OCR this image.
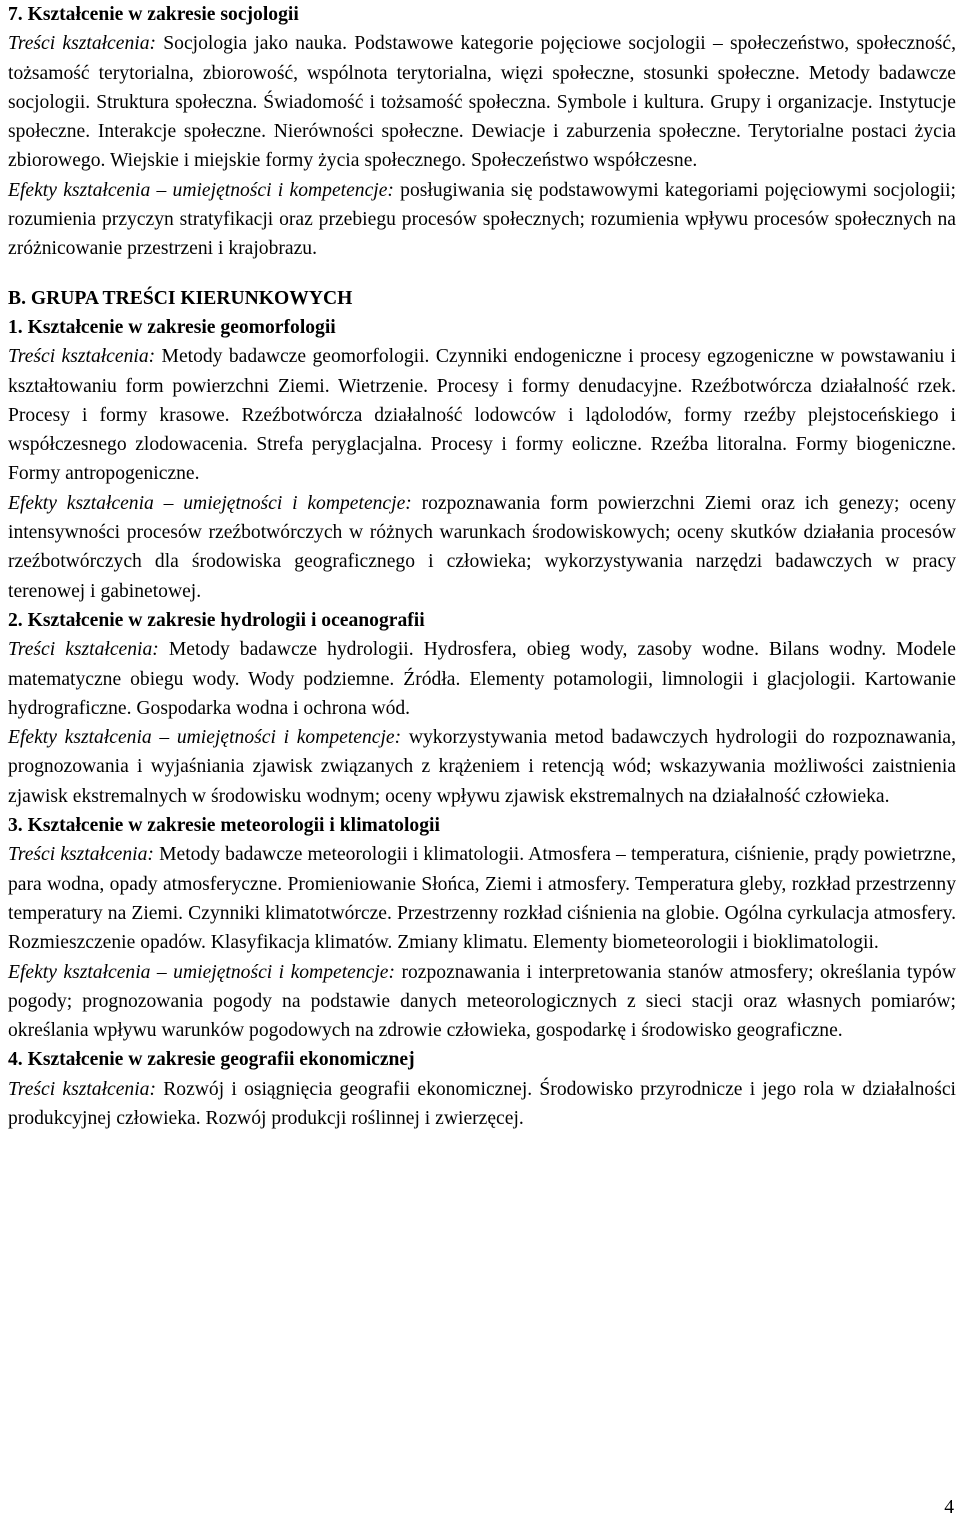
7. Kształcenie w zakresie socjologii

Treści kształcenia: Socjologia jako nauka. Podstawowe kategorie pojęciowe socjologii – społeczeństwo, społeczność, tożsamość terytorialna, zbiorowość, wspólnota terytorialna, więzi społeczne, stosunki społeczne. Metody badawcze socjologii. Struktura społeczna. Świadomość i tożsamość społeczna. Symbole i kultura. Grupy i organizacje. Instytucje społeczne. Interakcje społeczne. Nierówności społeczne. Dewiacje i zaburzenia społeczne. Terytorialne postaci życia zbiorowego. Wiejskie i miejskie formy życia społecznego. Społeczeństwo współczesne.

Efekty kształcenia – umiejętności i kompetencje: posługiwania się podstawowymi kategoriami pojęciowymi socjologii; rozumienia przyczyn stratyfikacji oraz przebiegu procesów społecznych; rozumienia wpływu procesów społecznych na zróżnicowanie przestrzeni i krajobrazu.

B. GRUPA TREŚCI KIERUNKOWYCH

1. Kształcenie w zakresie geomorfologii

Treści kształcenia: Metody badawcze geomorfologii. Czynniki endogeniczne i procesy egzogeniczne w powstawaniu i kształtowaniu form powierzchni Ziemi. Wietrzenie. Procesy i formy denudacyjne. Rzeźbotwórcza działalność rzek. Procesy i formy krasowe. Rzeźbotwórcza działalność lodowców i lądolodów, formy rzeźby plejstoceńskiego i współczesnego zlodowacenia. Strefa peryglacjalna. Procesy i formy eoliczne. Rzeźba litoralna. Formy biogeniczne. Formy antropogeniczne.

Efekty kształcenia – umiejętności i kompetencje: rozpoznawania form powierzchni Ziemi oraz ich genezy; oceny intensywności procesów rzeźbotwórczych w różnych warunkach środowiskowych; oceny skutków działania procesów rzeźbotwórczych dla środowiska geograficznego i człowieka; wykorzystywania narzędzi badawczych w pracy terenowej i gabinetowej.

2. Kształcenie w zakresie hydrologii i oceanografii

Treści kształcenia: Metody badawcze hydrologii. Hydrosfera, obieg wody, zasoby wodne. Bilans wodny. Modele matematyczne obiegu wody. Wody podziemne. Źródła. Elementy potamologii, limnologii i glacjologii. Kartowanie hydrograficzne. Gospodarka wodna i ochrona wód.

Efekty kształcenia – umiejętności i kompetencje: wykorzystywania metod badawczych hydrologii do rozpoznawania, prognozowania i wyjaśniania zjawisk związanych z krążeniem i retencją wód; wskazywania możliwości zaistnienia zjawisk ekstremalnych w środowisku wodnym; oceny wpływu zjawisk ekstremalnych na działalność człowieka.

3. Kształcenie w zakresie meteorologii i klimatologii

Treści kształcenia: Metody badawcze meteorologii i klimatologii. Atmosfera – temperatura, ciśnienie, prądy powietrzne, para wodna, opady atmosferyczne. Promieniowanie Słońca, Ziemi i atmosfery. Temperatura gleby, rozkład przestrzenny temperatury na Ziemi. Czynniki klimatotwórcze. Przestrzenny rozkład ciśnienia na globie. Ogólna cyrkulacja atmosfery. Rozmieszczenie opadów. Klasyfikacja klimatów. Zmiany klimatu. Elementy biometeorologii i bioklimatologii.

Efekty kształcenia – umiejętności i kompetencje: rozpoznawania i interpretowania stanów atmosfery; określania typów pogody; prognozowania pogody na podstawie danych meteorologicznych z sieci stacji oraz własnych pomiarów; określania wpływu warunków pogodowych na zdrowie człowieka, gospodarkę i środowisko geograficzne.

4. Kształcenie w zakresie geografii ekonomicznej

Treści kształcenia: Rozwój i osiągnięcia geografii ekonomicznej. Środowisko przyrodnicze i jego rola w działalności produkcyjnej człowieka. Rozwój produkcji roślinnej i zwierzęcej.

4
